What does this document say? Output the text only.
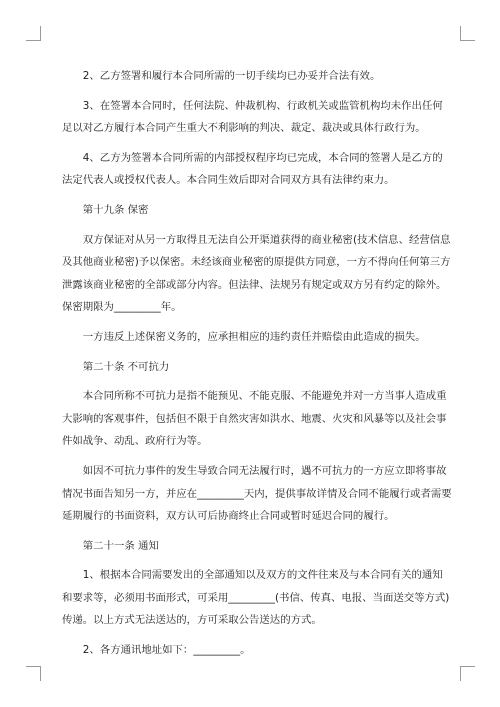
2、乙方签署和履行本合同所需的一切手续均已办妥并合法有效。
3、在签署本合同时，任何法院、仲裁机构、行政机关或监管机构均未作出任何
足以对乙方履行本合同产生重大不利影响的判决、裁定、裁决或具体行政行为。
4、乙方为签署本合同所需的内部授权程序均已完成，本合同的签署人是乙方的
法定代表人或授权代表人。本合同生效后即对合同双方具有法律约束力。
第十九条 保密
双方保证对从另一方取得且无法自公开渠道获得的商业秘密(技术信息、经营信息
及其他商业秘密)予以保密。未经该商业秘密的原提供方同意，一方不得向任何第三方
泄露该商业秘密的全部或部分内容。但法律、法规另有规定或双方另有约定的除外。
保密期限为_________年。
一方违反上述保密义务的，应承担相应的违约责任并赔偿由此造成的损失。
第二十条 不可抗力
本合同所称不可抗力是指不能预见、不能克服、不能避免并对一方当事人造成重
大影响的客观事件，包括但不限于自然灾害如洪水、地震、火灾和风暴等以及社会事
件如战争、动乱、政府行为等。
如因不可抗力事件的发生导致合同无法履行时，遇不可抗力的一方应立即将事故
情况书面告知另一方，并应在_________天内，提供事故详情及合同不能履行或者需要
延期履行的书面资料，双方认可后协商终止合同或暂时延迟合同的履行。
第二十一条 通知
1、根据本合同需要发出的全部通知以及双方的文件往来及与本合同有关的通知
和要求等，必须用书面形式，可采用_________(书信、传真、电报、当面送交等方式)
传递。以上方式无法送达的，方可采取公告送达的方式。
2、各方通讯地址如下：_________。
